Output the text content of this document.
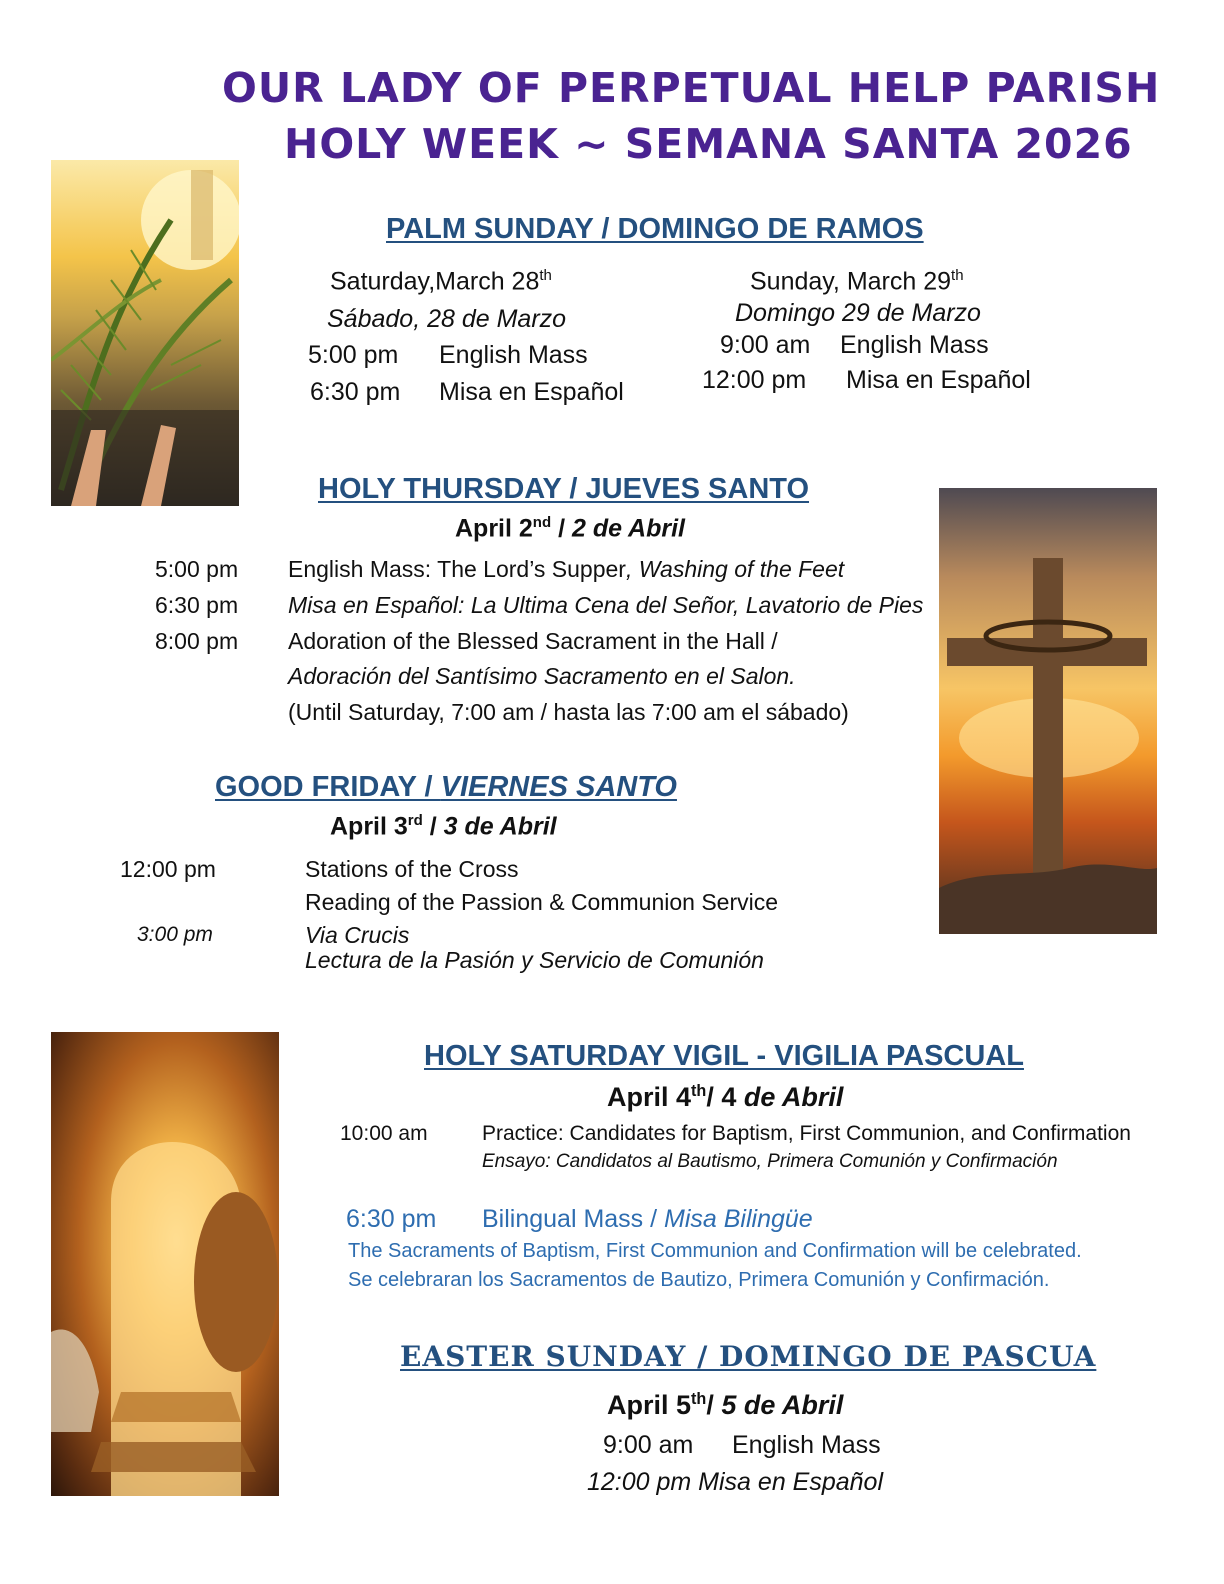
OUR LADY OF PERPETUAL HELP PARISH
HOLY WEEK ~ SEMANA SANTA 2026
PALM SUNDAY / DOMINGO DE RAMOS
Saturday,March 28th
Sábado, 28 de Marzo
5:00 pm English Mass
6:30 pm Misa en Español
Sunday, March 29th
Domingo 29 de Marzo
9:00 am English Mass
12:00 pm Misa en Español
HOLY THURSDAY / JUEVES SANTO
April 2nd / 2 de Abril
5:00 pm English Mass: The Lord’s Supper, Washing of the Feet
6:30 pm Misa en Español: La Ultima Cena del Señor, Lavatorio de Pies
8:00 pm Adoration of the Blessed Sacrament in the Hall /
Adoración del Santísimo Sacramento en el Salon.
(Until Saturday, 7:00 am / hasta las 7:00 am el sábado)
GOOD FRIDAY / VIERNES SANTO
April 3rd / 3 de Abril
12:00 pm	Stations of the Cross
Reading of the Passion & Communion Service
3:00 pm	Via Crucis
Lectura de la Pasión y Servicio de Comunión
HOLY SATURDAY VIGIL - VIGILIA PASCUAL
April 4th/ 4 de Abril
10:00 am	Practice: Candidates for Baptism, First Communion, and Confirmation
Ensayo: Candidatos al Bautismo, Primera Comunión y Confirmación
6:30 pm Bilingual Mass / Misa Bilingüe
The Sacraments of Baptism, First Communion and Confirmation will be celebrated.
Se celebraran los Sacramentos de Bautizo, Primera Comunión y Confirmación.
EASTER SUNDAY / DOMINGO DE PASCUA
April 5th/ 5 de Abril
9:00 am English Mass
12:00 pm Misa en Español
